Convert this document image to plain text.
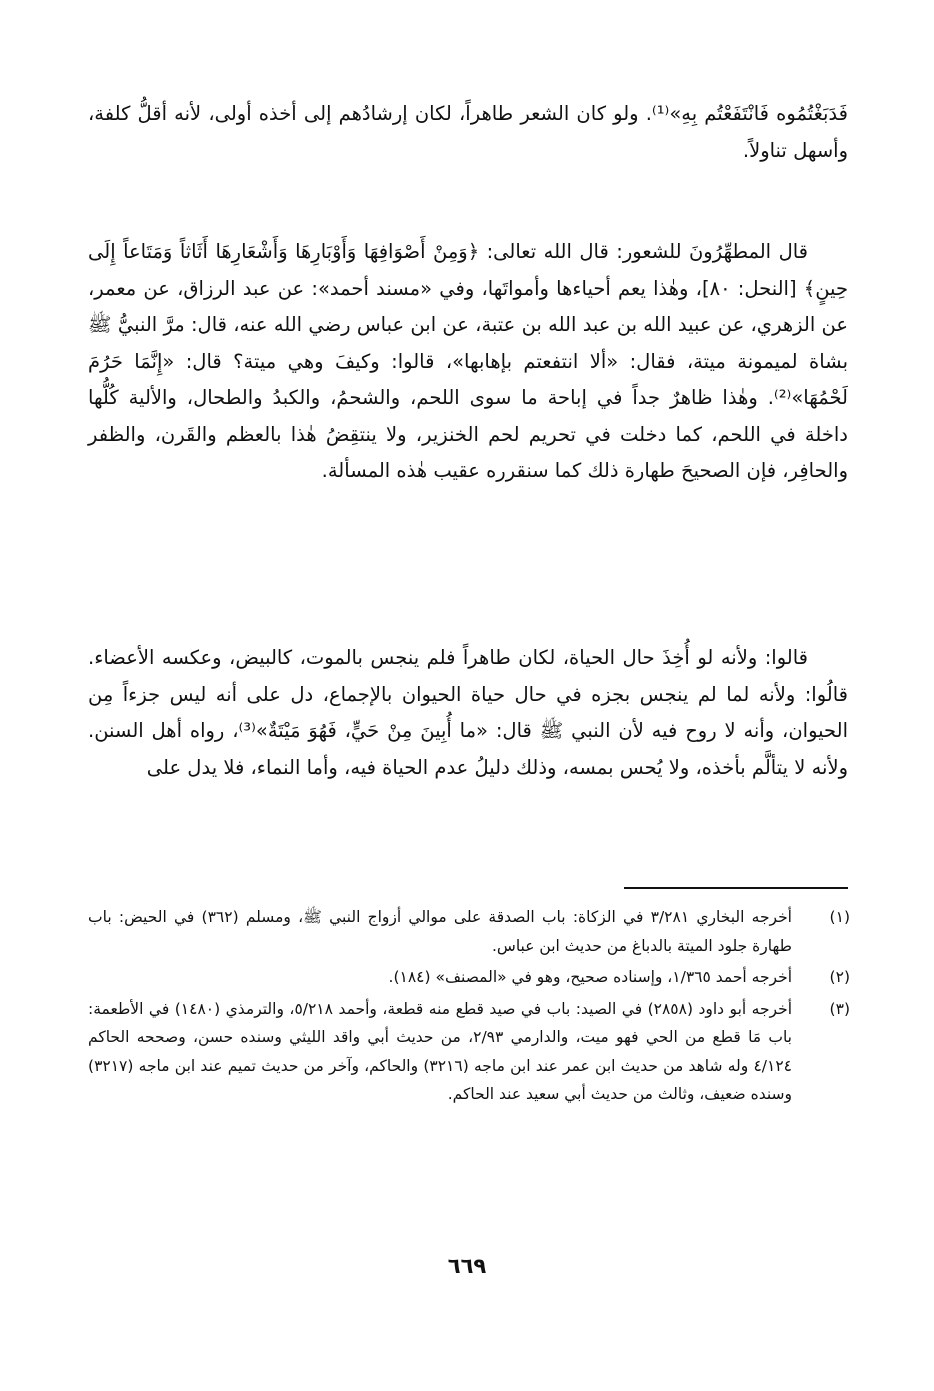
فَدَبَغْتُمُوه فَانْتَفَعْتُم بِهِ»⁽¹⁾. ولو كان الشعر طاهراً، لكان إرشادُهم إلى أخذه أولى، لأنه أقلُّ كلفة، وأسهل تناولاً.

قال المطهِّرُونَ للشعور: قال الله تعالى: ﴿وَمِنْ أَصْوَافِهَا وَأَوْبَارِهَا وَأَشْعَارِهَا أَثَاثاً وَمَتَاعاً إِلَى حِينٍ﴾ [النحل: ٨٠]، وهٰذا يعم أحياءها وأمواتَها، وفي «مسند أحمد»: عن عبد الرزاق، عن معمر، عن الزهري، عن عبيد الله بن عبد الله بن عتبة، عن ابن عباس رضي الله عنه، قال: مرَّ النبيُّ ﷺ بشاة لميمونة ميتة، فقال: «ألا انتفعتم بإهابها»، قالوا: وكيفَ وهي ميتة؟ قال: «إِنَّمَا حَرُمَ لَحْمُهَا»⁽²⁾. وهٰذا ظاهرٌ جداً في إباحة ما سوى اللحم، والشحمُ، والكبدُ والطحال، والألية كُلُّها داخلة في اللحم، كما دخلت في تحريم لحم الخنزير، ولا ينتقِضُ هٰذا بالعظم والقَرن، والظفر والحافِر، فإن الصحيحَ طهارة ذلك كما سنقرره عقيب هٰذه المسألة.

قالوا: ولأنه لو أُخِذَ حال الحياة، لكان طاهراً فلم ينجس بالموت، كالبيض، وعكسه الأعضاء. قالُوا: ولأنه لما لم ينجس بجزه في حال حياة الحيوان بالإجماع، دل على أنه ليس جزءاً مِن الحيوان، وأنه لا روح فيه لأن النبي ﷺ قال: «ما أُبِينَ مِنْ حَيٍّ، فَهُوَ مَيْتَةٌ»⁽³⁾، رواه أهل السنن. ولأنه لا يتألَّم بأخذه، ولا يُحس بمسه، وذلك دليلُ عدم الحياة فيه، وأما النماء، فلا يدل على

(١)
أخرجه البخاري ٣/٢٨١ في الزكاة: باب الصدقة على موالي أزواج النبي ﷺ، ومسلم (٣٦٢) في الحيض: باب طهارة جلود الميتة بالدباغ من حديث ابن عباس.
(٢)
أخرجه أحمد ١/٣٦٥، وإسناده صحيح، وهو في «المصنف» (١٨٤).
(٣)
أخرجه أبو داود (٢٨٥٨) في الصيد: باب في صيد قطع منه قطعة، وأحمد ٥/٢١٨، والترمذي (١٤٨٠) في الأطعمة: باب مَا قطع من الحي فهو ميت، والدارمي ٢/٩٣، من حديث أبي واقد الليثي وسنده حسن، وصححه الحاكم ٤/١٢٤ وله شاهد من حديث ابن عمر عند ابن ماجه (٣٢١٦) والحاكم، وآخر من حديث تميم عند ابن ماجه (٣٢١٧) وسنده ضعيف، وثالث من حديث أبي سعيد عند الحاكم.
٦٦٩
